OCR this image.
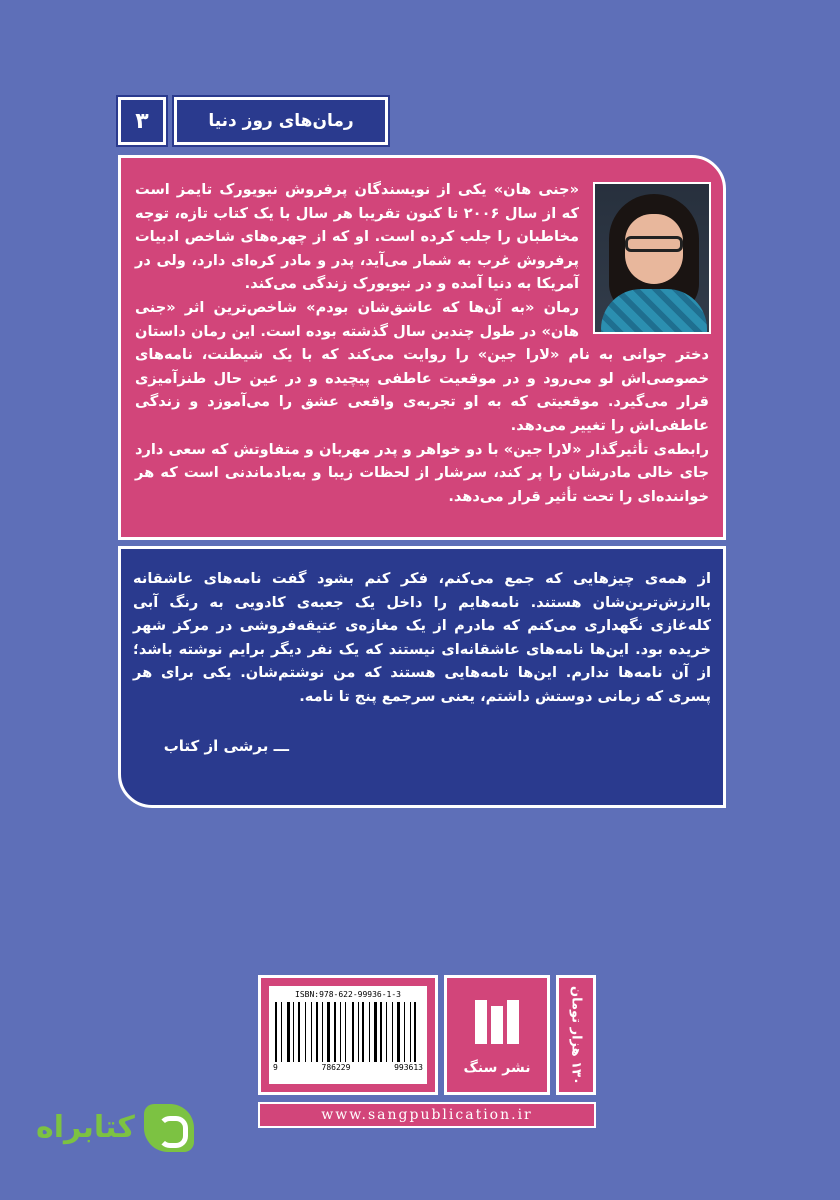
۳	رمان‌های روز دنیا

«جنی هان» یکی از نویسندگان پرفروش نیویورک تایمز است که از سال ۲۰۰۶ تا کنون تقریبا هر سال با یک کتاب تازه، توجه مخاطبان را جلب کرده است. او که از چهره‌های شاخص ادبیات پرفروش غرب به شمار می‌آید، پدر و مادر کره‌ای دارد، ولی در آمریکا به دنیا آمده و در نیویورک زندگی می‌کند.

رمان «به آن‌ها که عاشق‌شان بودم» شاخص‌ترین اثر «جنی هان» در طول چندین سال گذشته بوده است. این رمان داستان دختر جوانی به نام «لارا جین» را روایت می‌کند که با یک شیطنت، نامه‌های خصوصی‌اش لو می‌رود و در موقعیت عاطفی پیچیده و در عین حال طنزآمیزی قرار می‌گیرد. موقعیتی که به او تجربه‌ی واقعی عشق را می‌آموزد و زندگی عاطفی‌اش را تغییر می‌دهد.

رابطه‌ی تأثیرگذار «لارا جین» با دو خواهر و پدر مهربان و متفاوتش که سعی دارد جای خالی مادرشان را پر کند، سرشار از لحظات زیبا و به‌یادماندنی است که هر خواننده‌ای را تحت تأثیر قرار می‌دهد.

از همه‌ی چیزهایی که جمع می‌کنم، فکر کنم بشود گفت نامه‌های عاشقانه باارزش‌ترین‌شان هستند. نامه‌هایم را داخل یک جعبه‌ی کادویی به رنگ آبی کله‌غازی نگهداری می‌کنم که مادرم از یک مغازه‌ی عتیقه‌فروشی در مرکز شهر خریده بود. این‌ها نامه‌های عاشقانه‌ای نیستند که یک نفر دیگر برایم نوشته باشد؛ از آن نامه‌ها ندارم. این‌ها نامه‌هایی هستند که من نوشتم‌شان. یکی برای هر پسری که زمانی دوستش داشتم، یعنی سرجمع پنج تا نامه.
ـــ برشی از کتاب
ISBN:978-622-99936-1-3
9	786229	993613	نشر سنگ
۱۳۰ هزار تومان
www.sangpublication.ir
کتابراه
